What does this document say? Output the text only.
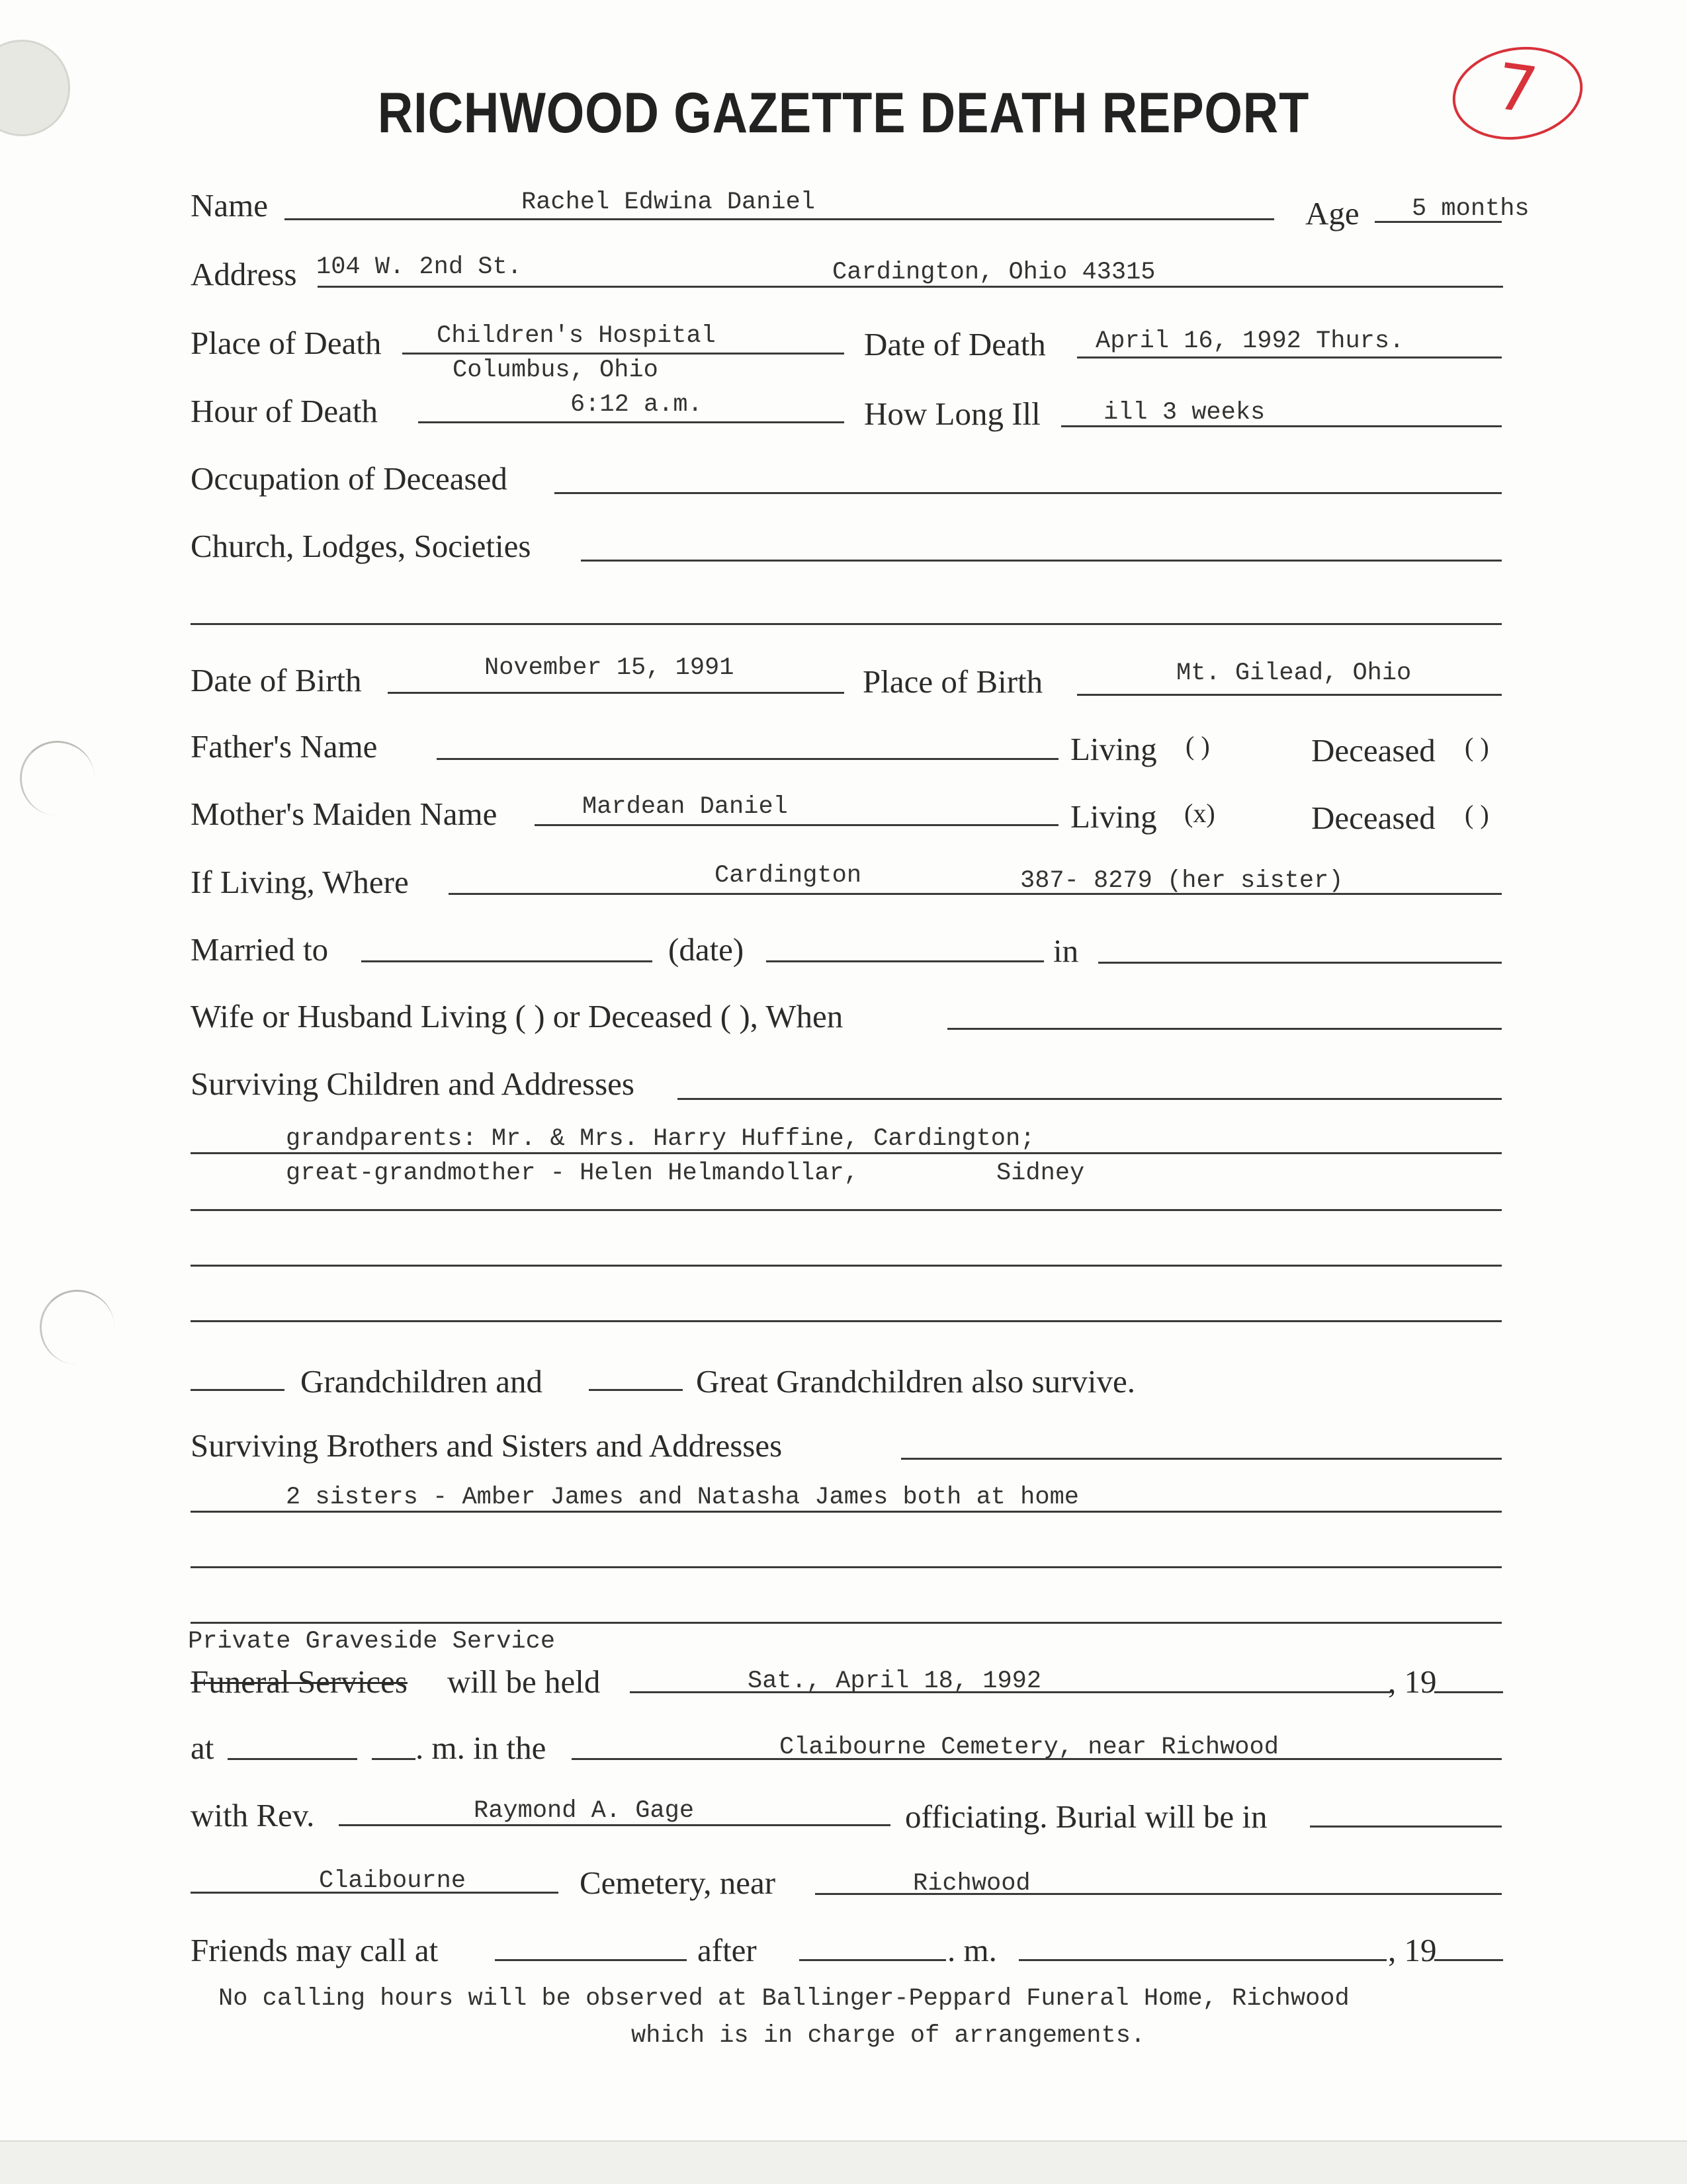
RICHWOOD GAZETTE DEATH REPORT	7
Name	Rachel Edwina Daniel	Age 5 months
Address 104 W. 2nd St.	Cardington, Ohio 43315
Place of Death Children's Hospital
Columbus, Ohio
Date of Death April 16, 1992 Thurs.
Hour of Death	6:12 a.m.	How Long Ill	ill 3 weeks
Occupation of Deceased
Church, Lodges, Societies
Date of Birth	November 15, 1991	Place of Birth	Mt. Gilead, Ohio
Father's Name	Living ( )	Deceased ( )
Mother's Maiden Name	Mardean Daniel	Living (x)	Deceased ( )
If Living, Where	Cardington	387- 8279 (her sister)
Married to	(date)	in
Wife or Husband Living ( ) or Deceased ( ), When
Surviving Children and Addresses
grandparents: Mr. & Mrs. Harry Huffine, Cardington;
great-grandmother - Helen Helmandollar,	Sidney
Grandchildren and	Great Grandchildren also survive.
Surviving Brothers and Sisters and Addresses
2 sisters - Amber James and Natasha James both at home
Private Graveside Service
Funeral Services will be held	Sat., April 18, 1992	, 19
at	. m. in the	Claibourne Cemetery, near Richwood
with Rev.	Raymond A. Gage	officiating. Burial will be in
Claibourne	Cemetery, near	Richwood
Friends may call at	after	. m.	, 19
No calling hours will be observed at Ballinger-Peppard Funeral Home, Richwood
which is in charge of arrangements.
